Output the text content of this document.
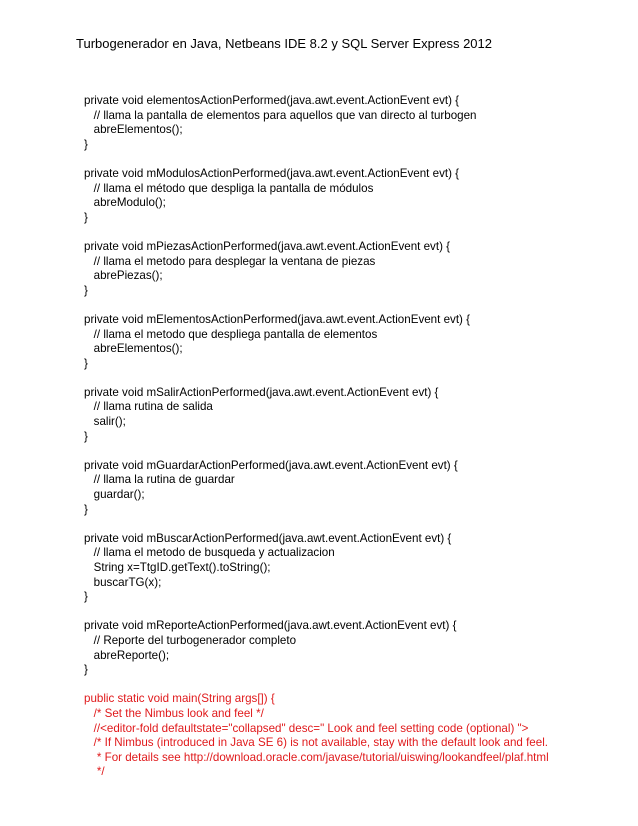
Turbogenerador en Java, Netbeans IDE 8.2 y SQL Server Express 2012
private void elementosActionPerformed(java.awt.event.ActionEvent evt) {
// llama la pantalla de elementos para aquellos que van directo al turbogen
abreElementos();
}
private void mModulosActionPerformed(java.awt.event.ActionEvent evt) {
// llama el método que despliga la pantalla de módulos
abreModulo();
}
private void mPiezasActionPerformed(java.awt.event.ActionEvent evt) {
// llama el metodo para desplegar la ventana de piezas
abrePiezas();
}
private void mElementosActionPerformed(java.awt.event.ActionEvent evt) {
// llama el metodo que despliega pantalla de elementos
abreElementos();
}
private void mSalirActionPerformed(java.awt.event.ActionEvent evt) {
// llama rutina de salida
salir();
}
private void mGuardarActionPerformed(java.awt.event.ActionEvent evt) {
// llama la rutina de guardar
guardar();
}
private void mBuscarActionPerformed(java.awt.event.ActionEvent evt) {
// llama el metodo de busqueda y actualizacion
String x=TtgID.getText().toString();
buscarTG(x);
}
private void mReporteActionPerformed(java.awt.event.ActionEvent evt) {
// Reporte del turbogenerador completo
abreReporte();
}
public static void main(String args[]) {
/* Set the Nimbus look and feel */
//<editor-fold defaultstate="collapsed" desc=" Look and feel setting code (optional) ">
/* If Nimbus (introduced in Java SE 6) is not available, stay with the default look and feel.
* For details see http://download.oracle.com/javase/tutorial/uiswing/lookandfeel/plaf.html
*/
